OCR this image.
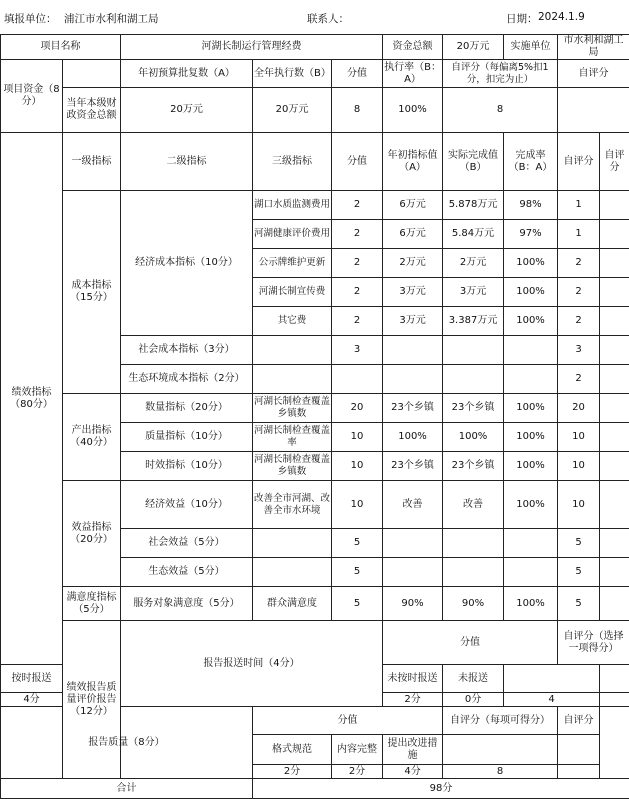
填报单位： 浦江市水利和湖工局	联系人：	日期： 2024.1.9
项目名称		河湖长制运行管理经费			资金总额	20万元	实施单位	市水利和湖工局		
项目资金（8分）		年初预算批复数（A）	全年执行数（B）	分值	执行率（B：A）	自评分（每偏离5%扣1分，扣完为止）		自评分		
	当年本级财政资金总额	20万元	20万元	8	100%	8				
绩效指标（80分）	一级指标	二级指标	三级指标	分值	年初指标值（A）	实际完成值（B）	完成率（B：A）	自评分	自评分	
	成本指标（15分）	经济成本指标（10分）	湖口水质监测费用	2	6万元	5.878万元	98%	1		
			河湖健康评价费用	2	6万元	5.84万元	97%	1		
			公示牌维护更新	2	2万元	2万元	100%	2		
			河湖长制宣传费	2	3万元	3万元	100%	2		
			其它费	2	3万元	3.387万元	100%	2		
		社会成本指标（3分）		3				3		
		生态环境成本指标（2分）						2		
	产出指标（40分）	数量指标（20分）	河湖长制检查覆盖乡镇数	20	23个乡镇	23个乡镇	100%	20		
		质量指标（10分）	河湖长制检查覆盖率	10	100%	100%	100%	10		
		时效指标（10分）	河湖长制检查覆盖乡镇数	10	23个乡镇	23个乡镇	100%	10		
	效益指标（20分）	经济效益（10分）	改善全市河湖、改善全市水环境	10	改善	改善	100%	10		
		社会效益（5分）		5				5		
		生态效益（5分）		5				5		
	满意度指标（5分）	服务对象满意度（5分）	群众满意度	5	90%	90%	100%	5		
	绩效报告质量评价报告（12分）	报告报送时间（4分）			分值			自评分（选择一项得分）	
按时报送					未按时报送	未报送				
4分					2分	0分	4			
报告质量（8分）			分值			自评分（每项可得分）		自评分		
			格式规范	内容完整	提出改进措施					
			2分	2分	4分	8				
合计			98分							
